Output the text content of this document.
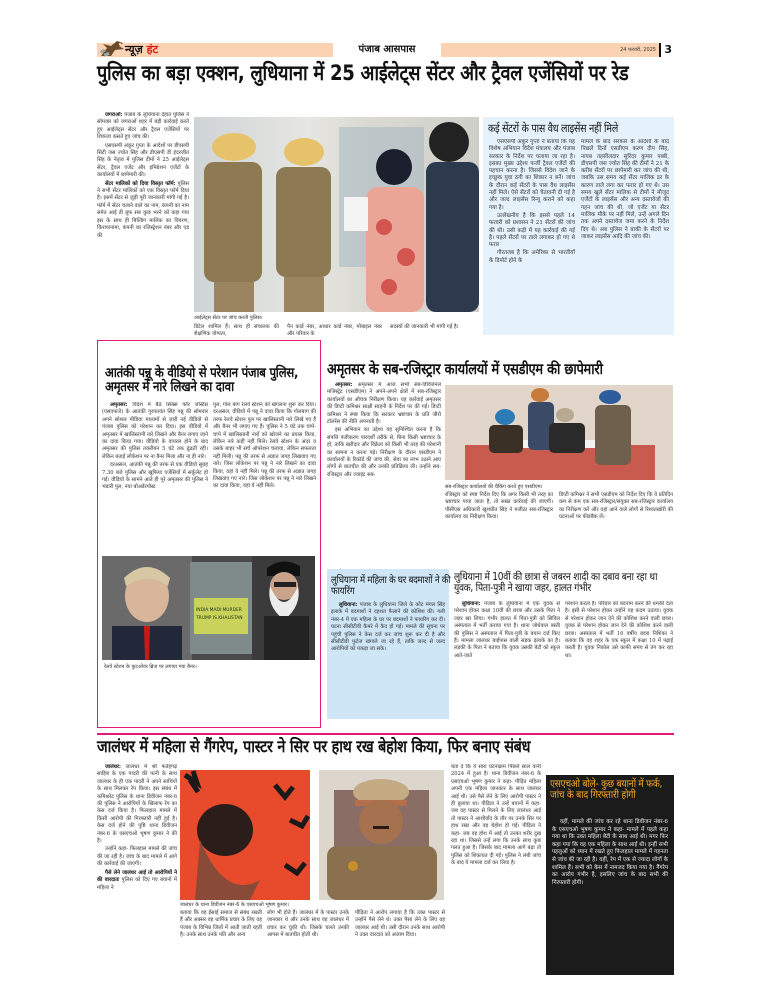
न्यूज़ हंट	पंजाब आसपास	24 फरवरी, 2025 3
पुलिस का बड़ा एक्शन, लुधियाना में 25 आईलेट्स सेंटर और ट्रैवल एजेंसियों पर रेड

जगराओं: पंजाब के लुधियाना देहात पुलिस ने सोमवार को जगराओं शहर में बड़ी कार्रवाई करते हुए आईलेट्स सेंटर और ट्रैवल एजेंसियों पर शिकंजा कसते हुए जांच की।

एसएसपी अंकुर गुप्ता के आदेशों पर डीएसपी सिटी जस ज्योत सिंह और डीएसपी डी इंदरजीत सिंह के नेतृत्व में पुलिस टीमों ने 25 आईलेट्स सेंटर, ट्रैवल एजेंट और इमिग्रेशन एजेंटों के कार्यालयों में छापेमारी की।

सेंटर मालिकों को दिया विस्तृत फॉर्म: पुलिस ने सभी सेंटर मालिकों को एक विस्तृत फॉर्म दिया है। इसमें सेंटर से जुड़ी पूरी जानकारी मांगी गई है। फॉर्म में सेंटर चलाने वाले का नाम, कंपनी का नाम समेत आई डी प्रूफ सब कुछ भरने को कहा गया इस के साथ ही बिल्डिंग मालिक का विवरण, किरायानामा, कंपनी का रजिस्ट्रेशन नंबर और एड की

आईलेट्स सेंटर पर जांच करती पुलिस।
डिटेल शामिल हैं। साथ ही संचालक की शैक्षणिक योग्यता,
पैन कार्ड नंबर, आधार कार्ड नंबर, मोबाइल नंबर और परिवार के
सदस्यों की जानकारी भी मांगी गई है।
कई सेंटरों के पास वैध लाइसेंस नहीं मिले

एसएसपी अंकुर गुप्ता ने बताया कि यह विशेष अभियान विदेश मंत्रालय और पंजाब सरकार के निर्देश पर चलाया जा रहा है। इसका मुख्य उद्देश्य फर्जी ट्रैवल एजेंटों की पहचान करना है। जिससे विदेश जाने के इच्छुक युवा ठगी का शिकार न बनें। जांच के दौरान कई सेंटरों के पास वैध लाइसेंस नहीं मिले। ऐसे सेंटरों को चेतावनी दी गई है और जल्द लाइसेंस रिन्यू कराने को कहा गया है।

उल्लेखनीय है कि इससे पहले 14 फरवरी को प्रशासन ने 21 सेंटरों की जांच की थी। उसी कड़ी में यह कार्रवाई की गई है। पहले सेंटरों पर ताले लगाकर हो गए थे फरार

गौरतलब है कि अमेरिका से भारतीयों के डिपोर्ट होने के

मामले के बाद सरकार के आदेशों के बाद पिछले दिनों एसडीएम करण दीप सिंह, नायब तहसीलदार सुरिंदर कुमार पब्बी, डीएसपी जस ज्योत सिंह की टीमों ने 21 के करीब सेंटरों पर छापेमारी कर जांच की थी, जबकि उस समय कई सेंटर मालिक डर के कारण ताले लगा कर फरार हो गए थे। उस समय खुले सेंटर मालिक से टीमों ने मौजूद एजेंटों के लाइसेंस और अन्य दस्तावेजों की गहन जांच की थी, जो एजेंट या सेंटर मालिक मौके पर नहीं मिले, उन्हें अगले दिन तक अपने दस्तावेज जमा करने के निर्देश दिए थे। अब पुलिस ने बाकी के सेंटरों पर जाकर लाइसेंस आदि की जांच की।

आतंकी पन्नू के वीडियो से परेशान पंजाब पुलिस, अमृतसर में नारे लिखने का दावा

अमृतसर: विदेश में बैठे सिख्स फॉर जस्टिस (एसएफजे) के आतंकी गुरपतवंत सिंह पन्नू की सोमवार अपने सोशल मीडिया माध्यमों से जारी नई वीडियो से पंजाब पुलिस को परेशान कर दिया। इस वीडियो में अमृतसर में खालिस्तानी नारे लिखने और बैनर लगाए जाने का दावा किया गया। वीडियो के वायरल होने के बाद अमृतसर की पुलिस तकरीबन 5 घंटे तक ढूंढती रही। लेकिन बताई लोकेशन पर ना बैनर मिला और ना ही नारे।

दरअसल, आतंकी पन्नू की तरफ से एक वीडियो सुबह 7.30 बजे पुलिस और खुफिया एजेंसियों में सर्कुलेट हो गई। वीडियो के सामने आते ही पूरे अमृतसर की पुलिस ने भंडारी पुल, नया बोअर्डरपोस्ट

पुल, गोल बाग रेलवे स्टेशन को खंगलना शुरू कर दिया। दरअसल, वीडियो में पन्नू ने दावा किया कि गोलबाग की तरफ रेलवे स्टेशन पुल पर खालिस्तानी नारे लिखे गए हैं और बैनर भी लगाए गए हैं। पुलिस ने 5 घंटे तक चप्पे-चप्पे में खालिस्तानी नारों को खोजने का प्रयास किया, लेकिन नारे कहीं नहीं मिले। रेलवे स्टेशन के अंदर व उसके बाहर भी सर्च ऑपरेशन चलाया, लेकिन सफलता नहीं मिली। पन्नू की तरफ से अज्ञात जगह लिखवाए गए नारे। जिस लोकेशन पर पन्नू ने नारे लिखने का दावा किया, वहां ये नहीं मिले। पन्नू की तरफ से अज्ञात जगह लिखवाए गए नारे। जिस लोकेशन पर पन्नू ने नारे लिखने का दावा किया, वहां ये नहीं मिले।

INDIA MADI MURDER
TRUMP IS KHALISTAN
रेलवे स्टेशन के फुटओवर ब्रिज पर लगाया गया बैनर।
अमृतसर के सब-रजिस्ट्रार कार्यालयों में एसडीएम की छापेमारी

अमृतसर: अमृतसर में आज सभी सब-डिविजनल मजिस्ट्रेट (एसडीएम) ने अपने-अपने क्षेत्रों में सब-रजिस्ट्रार कार्यालयों का औचक निरीक्षण किया। यह कार्रवाई अमृतसर की डिप्टी कमिश्नर साक्षी साहनी के निर्देश पर की गई। डिप्टी कमिश्नर ने स्पष्ट किया कि सरकार भ्रष्टाचार के प्रति जीरो टॉलरेंस की नीति अपनाती है।

इस अभियान का उद्देश्य यह सुनिश्चित करना है कि संपत्ति पंजीकरण पारदर्शी तरीके से, बिना किसी भ्रष्टाचार के हो, ताकि खरीदार और विक्रेता को किसी भी तरह की परेशानी का सामना न करना पड़े। निरीक्षण के दौरान एसडीएम ने कार्यालयों के रिकॉर्ड की जांच की, सेवा का लाभ उठाने आए लोगों से बातचीत की और उनकी प्रतिक्रिया ली। उन्होंने सब-रजिस्ट्रार और ज्वाइंट सब-

सब-रजिस्ट्रार कार्यालयों की चैकिंग करते हुए एसडीएम।
रजिस्ट्रार को स्पष्ट निर्देश दिए कि अगर किसी भी तरह का भ्रष्टाचार पाया जाता है, तो सख्त कार्रवाई की जाएगी। पीसीएस अधिकारी खुशप्रीत सिंह ने मजीठा सब-रजिस्ट्रार कार्यालय का निरीक्षण किया।
डिप्टी कमिश्नर ने सभी एसडीएम को निर्देश दिए कि वे प्रतिदिन कम से कम एक सब-रजिस्ट्रार/संयुक्त सब-रजिस्ट्रार कार्यालय का निरीक्षण करें और वहां आने वाले लोगों से रिश्वतखोरी की घटनाओं पर फीडबैक लें।
लुधियाना में महिला के घर बदमाशों ने की फायरिंग

लुधियाना: पंजाब के लुधियाना जिले के कोट मंगल सिंह इलाके में बदमाशों ने दहशत फैलाने की कोशिश की। गली नंबर-4 में एक महिला के घर पर बदमाशों ने फायरिंग कर दी। घटना सीसीटीवी कैमरे में कैद हो गई। मामले की सूचना पर पहुंची पुलिस ने केस दर्ज कर जांच शुरू कर दी है और सीसीटीवी फुटेज खंगाले जा रहे हैं, ताकि जल्द से जल्द आरोपियों को पकड़ा जा सके।

लुधियाना में 10वीं की छात्रा से जबरन शादी का दबाव बना रहा था युवक, पिता-पुत्री ने खाया जहर, हालत गंभीर

लुधियाना: पंजाब के लुधियाना में एक युवक से परेशान होकर कक्षा 10वीं की छात्रा और उसके पिता ने जहर खा लिया। गंभीर हालत में पिता-पुत्री को सिविल अस्पताल में भर्ती कराया गया है। थाना जोधेवाल बस्ती की पुलिस ने अस्पताल में पिता-पुत्री के बयान दर्ज किए हैं। मामला जालंधर बाईपास वाली सड़क इलाके का है। लड़की के पिता ने बताया कि युवक उसकी बेटी को स्कूल आते-जाते

परेशान करता है। परिवार को बदनाम करने की धमकी देता है। इसी से परेशान होकर उन्होंने यह कदम उठाया। युवक से परेशान होकर जान देने की कोशिश करने वाली छात्रा। युवक से परेशान होकर जान देने की कोशिश करने वाली छात्रा। अस्पताल में भर्ती 16 वर्षीय छात्रा निशिका ने बताया कि वह शहर के एक स्कूल में कक्षा 10 में पढ़ाई करती है। युवक निकोल उसे काफी समय से तंग कर रहा था।

जालंधर में महिला से गैंगरेप, पास्टर ने सिर पर हाथ रख बेहोश किया, फिर बनाए संबंध

जालंधर: जालंधर में श्री फतेहगढ़ साहिब के एक पादरी की पत्नी के साथ जालंधर के ही एक पादरी ने अपने साथियों के साथ मिलकर रेप किया। इस संबंध में कमिश्नरेट पुलिस के थाना डिवीजन नंबर-6 की पुलिस ने आरोपियों के खिलाफ रेप का केस दर्ज किया है। फिलहाल मामले में किसी आरोपी की गिरफ्तारी नहीं हुई है। केस दर्ज होने की पुष्टि थाना डिवीजन नंबर-6 के एसएचओ भूषण कुमार ने की है।

उन्होंने कहा- फिलहाल मामले की जांच की जा रही है। जांच के बाद मामले में आगे की कार्रवाई की जाएगी।

पैसे लेने जालंधर आई तो आरोपियों ने की वारदातः पुलिस को दिए गए बयानों में महिला ने

जालंधर के थाना डिवीजन नंबर-6 के एसएचओ भूषण कुमार।
बताया कि वह ईसाई समाज से संबंध रखती हैं और अक्सर वह धार्मिक प्रचार के लिए वह पंजाब के विभिन्न जिलों में आती जाती रहती है। उनके साथ उनके पति और अन्य
लोग भी होते हैं। जालंधर में के पास्टर उनके जानकार थे और उनके साथ वह जालंधर में प्रचार कर चुकी थी। जिसके चलते उनकी आपस में बातचीत होती थी।
पीड़िता ने आरोप लगाया है कि उक्त पास्टर से उन्होंने पैसे लेने थे। उक्त पैसा लेने के लिए वह जालंधर आई थी। उसी दौरान उनके साथ आरोपी ने उक्त वारदात को अंजाम दिया।

बता दें कि ये सारा घटनाक्रम पिछले साल यानी 2024 में हुआ है। थाना डिवीजन नंबर-6 के एसएचओ भूषण कुमार ने कहा- पीड़ित महिला अपनी एक महिला जानकार के साथ जालंधर आई थी। उसे पैसे लेने के लिए आरोपी पास्टर ने ही बुलाया था। पीड़िता ने उन्हें बयानों में कहा- जब वह पास्टर से मिलने के लिए जालंधर आई तो पास्टर ने आशीर्वाद के तौर पर उनके सिर पर हाथ रखा और वह बेहोश हो गई। पीड़िता ने कहा- जब वह होश में आई तो उनका शरीर दुख रहा था। जिससे उन्हें लगा कि उनके साथ कुछ गलत हुआ है। जिसके बाद मामला आगे बढ़ा तो पुलिस को शिकायत दी गई। पुलिस ने लंबी जांच के बाद ये मामला दर्ज कर लिया है।

एसएचओ बोले- कुछ बयानों में फर्क, जांच के बाद गिरफ्तारी होगी

वहीं, मामले की जांच कर रहे थाना डिवीजन नंबर-6 के एसएचओ भूषण कुमार ने कहा- मामले में पहले कहा गया था कि उक्त महिला बेटी के साथ आई थी। मगर फिर कहा गया कि वह एक महिला के साथ आई थी। इन्हीं सभी पहलुओं को ध्यान में रखते हुए फिलहाल मामले में गहनता से जांच की जा रही है। वहीं, रेप में एक से ज्यादा लोगों के शामिल हैं। सभी को केस में नामजद किया गया है। गैंगरेप का आरोप गंभीर है, इसलिए जांच के बाद सभी की गिरफ्तारी होगी।
